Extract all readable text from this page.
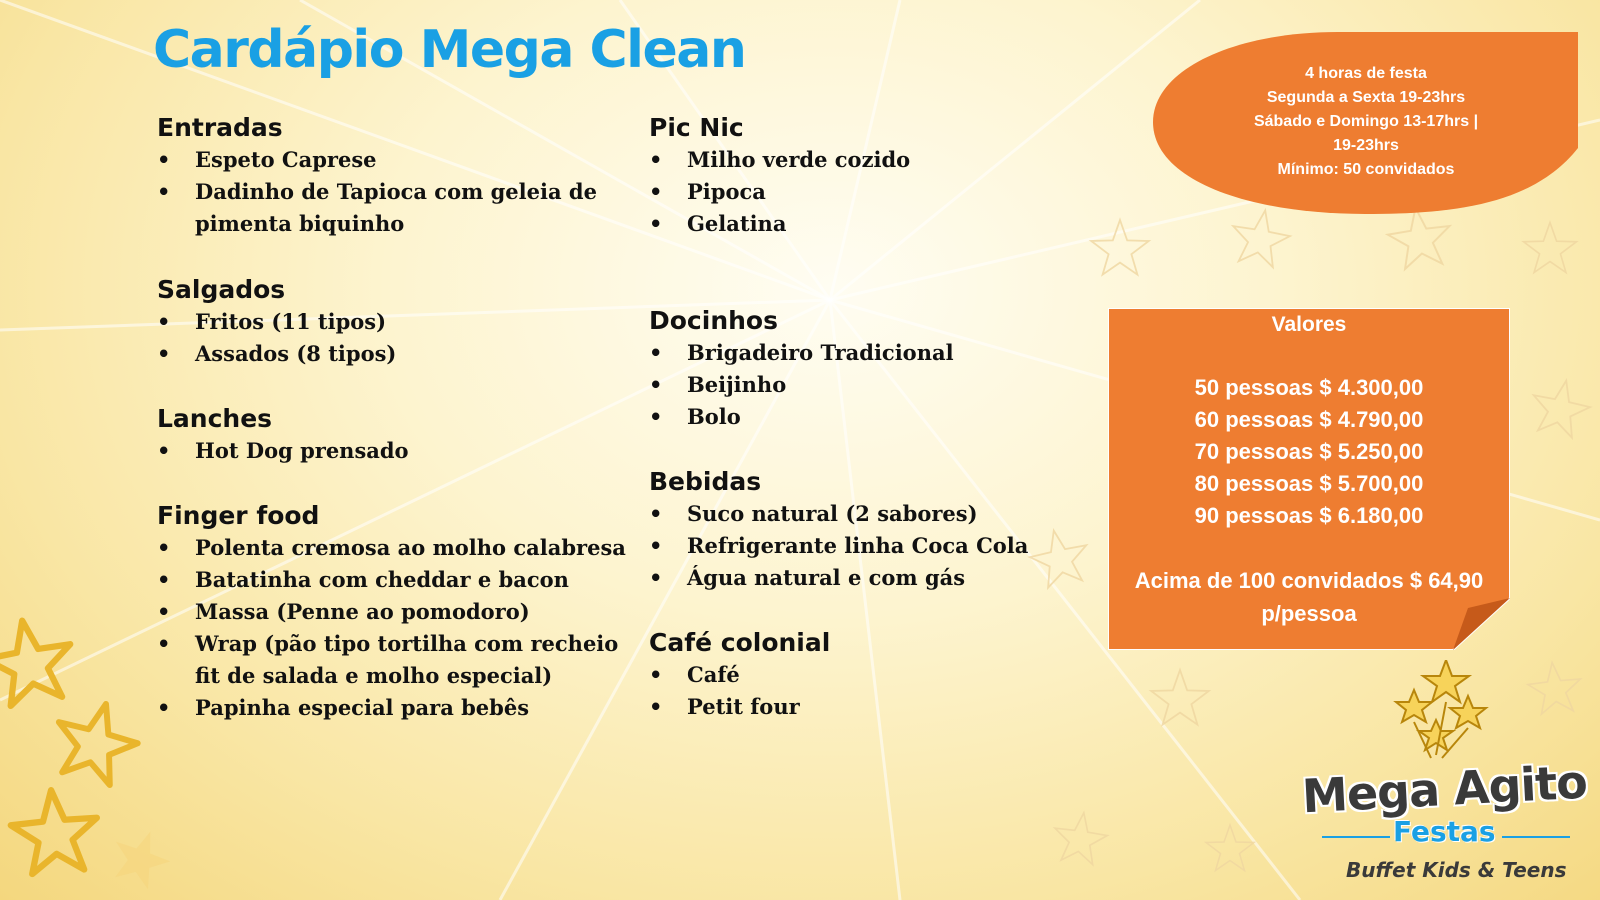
Cardápio Mega Clean
Entradas
• Espeto Caprese
• Dadinho de Tapioca com geleia de
pimenta biquinho
Salgados
• Fritos (11 tipos)
• Assados (8 tipos)
Lanches
• Hot Dog prensado
Finger food
• Polenta cremosa ao molho calabresa
• Batatinha com cheddar e bacon
• Massa (Penne ao pomodoro)
• Wrap (pão tipo tortilha com recheio
fit de salada e molho especial)
• Papinha especial para bebês
Pic Nic
• Milho verde cozido
• Pipoca
• Gelatina
Docinhos
• Brigadeiro Tradicional
• Beijinho
• Bolo
Bebidas
• Suco natural (2 sabores)
• Refrigerante linha Coca Cola
• Água natural e com gás
Café colonial
• Café
• Petit four
4 horas de festa
Segunda a Sexta 19-23hrs
Sábado e Domingo 13-17hrs |
19-23hrs
Mínimo: 50 convidados
Valores
50 pessoas $ 4.300,00
60 pessoas $ 4.790,00
70 pessoas $ 5.250,00
80 pessoas $ 5.700,00
90 pessoas $ 6.180,00
Acima de 100 convidados $ 64,90 p/pessoa
Mega Agito
Festas
Buffet Kids & Teens
